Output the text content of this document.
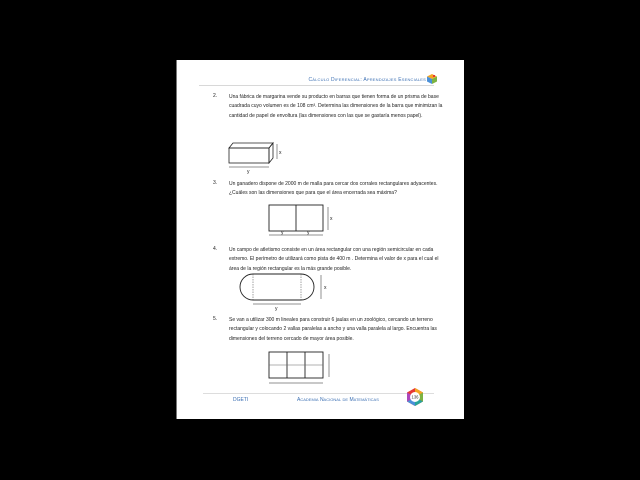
Cálculo Diferencial: Aprendizajes Esenciales
2. Una fábrica de margarina vende su producto en barras que tienen forma de un prisma de base cuadrada cuyo volumen es de 108 cm³. Determina las dimensiones de la barra que minimizan la cantidad de papel de envoltura (las dimensiones con las que se gastaría menos papel).
x
y
3. Un ganadero dispone de 2000 m de malla para cercar dos corrales rectangulares adyacentes. ¿Cuáles son las dimensiones que para que el área encerrada sea máxima?
x
y	y
4. Un campo de atletismo consiste en un área rectangular con una región semicircular en cada extremo. El perímetro de utilizará como pista de 400 m . Determina el valor de x para el cual el área de la región rectangular es la más grande posible.
x
y
5. Se van a utilizar 300 m lineales para construir 6 jaulas en un zoológico, cercando un terreno rectangular y colocando 2 vallas paralelas a ancho y una valla paralela al largo. Encuentra las dimensiones del terreno cercado de mayor área posible.
DGETI	Academia Nacional de Matemáticas	136
